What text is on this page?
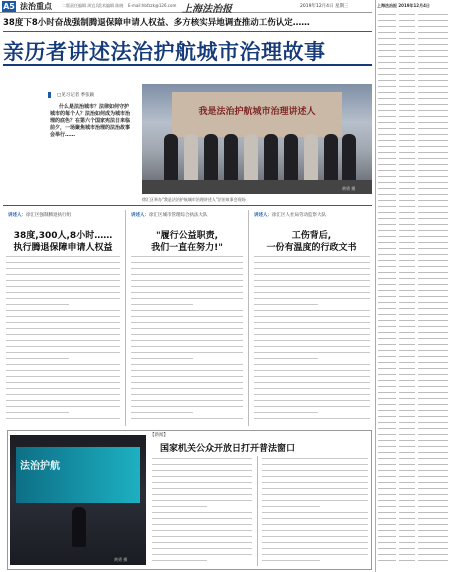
A5 法治重点	二版责任编辑 周宜兵
美术编辑 陈晓 E-mail:hbfzzk@126.com 上海法治报	2019年12月4日 星期三
38度下8小时奋战强制腾退保障申请人权益、多方核实异地调查推动工伤认定……
亲历者讲述法治护航城市治理故事
□见习记者 季张颖
什么是法治城市？法律如何守护城市的每个人？法治如何成为城市治理的底色？在第六个国家宪法日来临前夕，一场聚焦城市治理的法治故事会举行……
我是法治护航城市治理讲述人
黄勇 摄
徐汇区举办"我是法治护航城市治理讲述人"法治故事会现场
讲述人：徐汇区强制腾退执行组
38度,300人,8小时……
执行腾退保障申请人权益
讲述人：徐汇区城市管理综合执法大队
"履行公益职责,
我们一直在努力!"
讲述人：徐汇区人社局劳动监察大队
工伤背后,
一份有温度的行政文书
法治护航
黄勇 摄
【新闻】
国家机关公众开放日打开普法窗口
上海法治报 2019年12月4日
